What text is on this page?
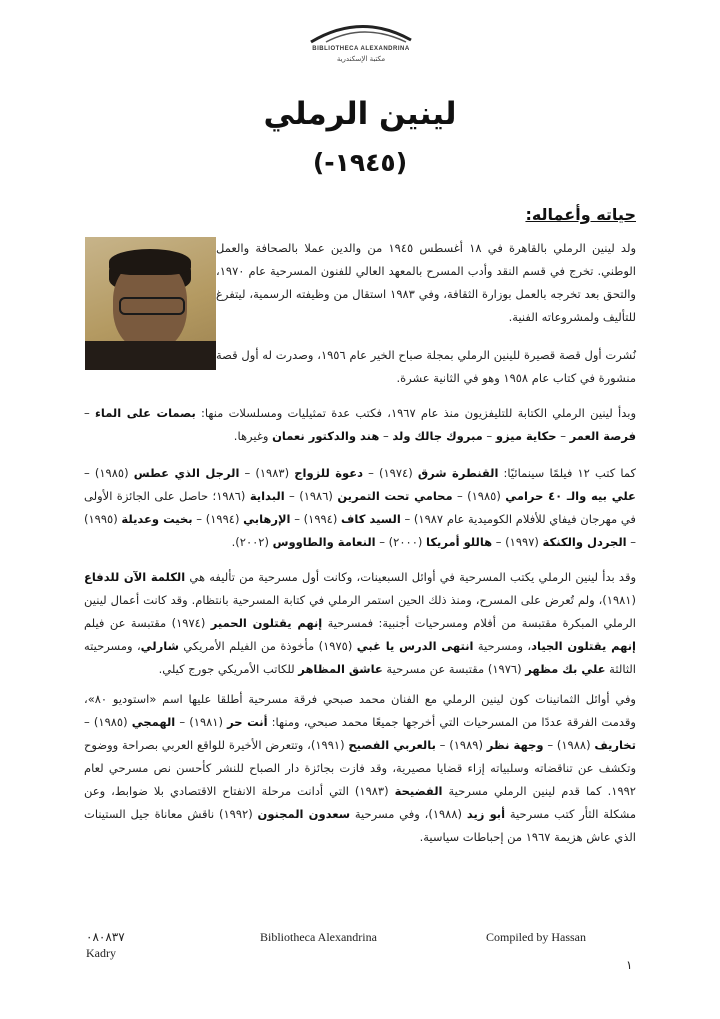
BIBLIOTHECA ALEXANDRINA
مكتبة الإسكندرية
لينين الرملي
(١٩٤٥-)
حياته وأعماله:
ولد لينين الرملي بالقاهرة في ١٨ أغسطس ١٩٤٥ من والدين عملا بالصحافة والعمل الوطني. تخرج في قسم النقد وأدب المسرح بالمعهد العالي للفنون المسرحية عام ١٩٧٠، والتحق بعد تخرجه بالعمل بوزارة الثقافة، وفي ١٩٨٣ استقال من وظيفته الرسمية، ليتفرغ للتأليف ولمشروعاته الفنية.
نُشرت أول قصة قصيرة للينين الرملي بمجلة صباح الخير عام ١٩٥٦، وصدرت له أول قصة منشورة في كتاب عام ١٩٥٨ وهو في الثانية عشرة.
وبدأ لينين الرملي الكتابة للتليفزيون منذ عام ١٩٦٧، فكتب عدة تمثيليات ومسلسلات منها: بصمات على الماء – فرصة العمر – حكاية ميزو – مبروك جالك ولد – هند والدكتور نعمان وغيرها.
كما كتب ١٢ فيلمًا سينمائيًا: القنطرة شرق (١٩٧٤) – دعوة للزواج (١٩٨٣) – الرجل الذي عطس (١٩٨٥) – علي بيه والـ ٤٠ حرامي (١٩٨٥) – محامي تحت التمرين (١٩٨٦) – البداية (١٩٨٦؛ حاصل على الجائزة الأولى في مهرجان فيفاي للأفلام الكوميدية عام ١٩٨٧) – السيد كاف (١٩٩٤) – الإرهابي (١٩٩٤) – بخيت وعديلة (١٩٩٥) – الجردل والكنكة (١٩٩٧) – هاللو أمريكا (٢٠٠٠) – النعامة والطاووس (٢٠٠٢).
وقد بدأ لينين الرملي يكتب المسرحية في أوائل السبعينات، وكانت أول مسرحية من تأليفه هي الكلمة الآن للدفاع (١٩٨١)، ولم تُعرض على المسرح، ومنذ ذلك الحين استمر الرملي في كتابة المسرحية بانتظام. وقد كانت أعمال لينين الرملي المبكرة مقتبسة من أفلام ومسرحيات أجنبية: فمسرحية إنهم يقتلون الحمير (١٩٧٤) مقتبسة عن فيلم إنهم يقتلون الجياد، ومسرحية انتهى الدرس يا غبي (١٩٧٥) مأخوذة من الفيلم الأمريكي شارلي، ومسرحيته الثالثة علي بك مظهر (١٩٧٦) مقتبسة عن مسرحية عاشق المظاهر للكاتب الأمريكي جورج كيلي.
وفي أوائل الثمانينات كون لينين الرملي مع الفنان محمد صبحي فرقة مسرحية أطلقا عليها اسم «استوديو ٨٠»، وقدمت الفرقة عددًا من المسرحيات التي أخرجها جميعًا محمد صبحي، ومنها: أنت حر (١٩٨١) – الهمجي (١٩٨٥) – تخاريف (١٩٨٨) – وجهة نظر (١٩٨٩) – بالعربي الفصيح (١٩٩١)، وتتعرض الأخيرة للواقع العربي بصراحة ووضوح وتكشف عن تناقضاته وسلبياته إزاء قضايا مصيرية، وقد فازت بجائزة دار الصباح للنشر كأحسن نص مسرحي لعام ١٩٩٢. كما قدم لينين الرملي مسرحية الفضيحة (١٩٨٣) التي أدانت مرحلة الانفتاح الاقتصادي بلا ضوابط، وعن مشكلة الثأر كتب مسرحية أبو زيد (١٩٨٨)، وفي مسرحية سعدون المجنون (١٩٩٢) ناقش معاناة جيل الستينات الذي عاش هزيمة ١٩٦٧ من إحباطات سياسية.
٠٨٠٨٣٧	Bibliotheca Alexandrina	Compiled by Hassan
Kadry
١
